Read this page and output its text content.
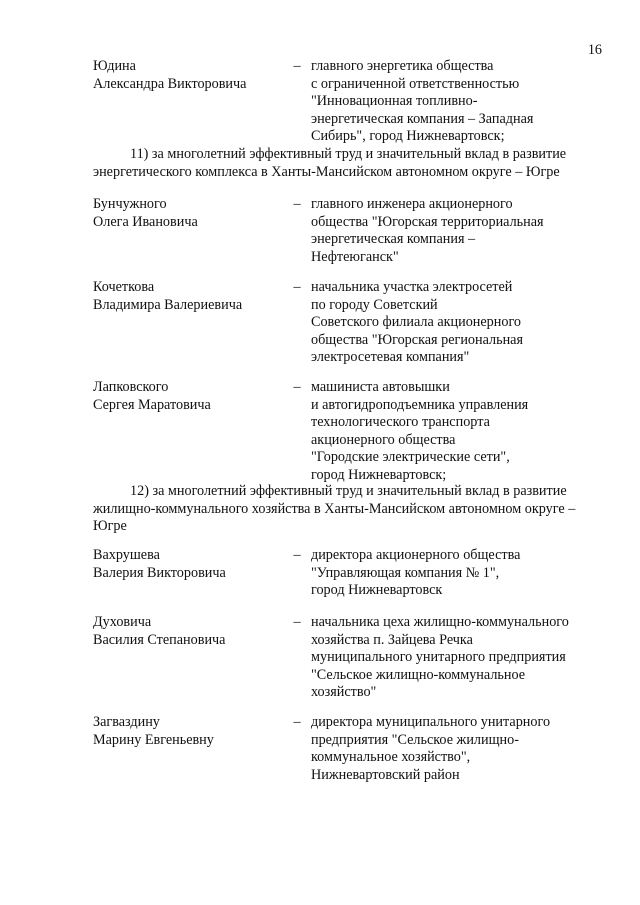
16
Юдина
Александра Викторовича
– главного энергетика общества
с ограниченной ответственностью
"Инновационная топливно-
энергетическая компания – Западная
Сибирь", город Нижневартовск;
11) за многолетний эффективный труд и значительный вклад в развитие
энергетического комплекса в Ханты-Мансийском автономном округе – Югре
Бунчужного
Олега Ивановича
– главного инженера акционерного
общества "Югорская территориальная
энергетическая компания –
Нефтеюганск"
Кочеткова
Владимира Валериевича
– начальника участка электросетей
по городу Советский
Советского филиала акционерного
общества "Югорская региональная
электросетевая компания"
Лапковского
Сергея Маратовича
– машиниста автовышки
и автогидроподъемника управления
технологического транспорта
акционерного общества
"Городские электрические сети",
город Нижневартовск;
12) за многолетний эффективный труд и значительный вклад в развитие
жилищно-коммунального хозяйства в Ханты-Мансийском автономном округе –
Югре
Вахрушева
Валерия Викторовича
– директора акционерного общества
"Управляющая компания № 1",
город Нижневартовск
Духовича
Василия Степановича
– начальника цеха жилищно-коммунального
хозяйства п. Зайцева Речка
муниципального унитарного предприятия
"Сельское жилищно-коммунальное
хозяйство"
Загваздину
Марину Евгеньевну
– директора муниципального унитарного
предприятия "Сельское жилищно-
коммунальное хозяйство",
Нижневартовский район
